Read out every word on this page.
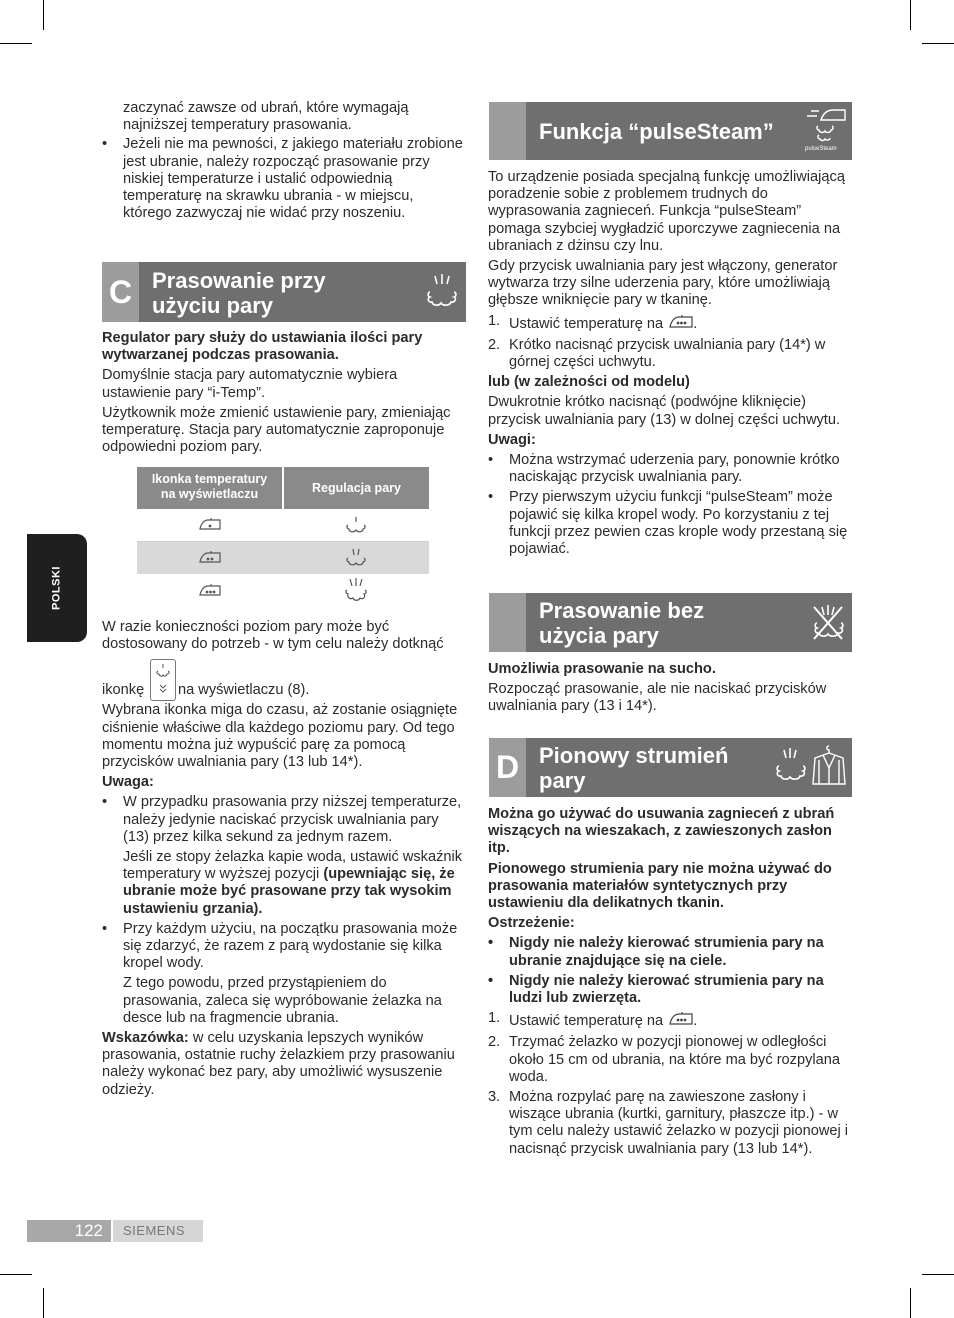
POLSKI

zaczynać zawsze od ubrań, które wymagają najniższej temperatury prasowania.

• Jeżeli nie ma pewności, z jakiego materiału zrobione jest ubranie, należy rozpocząć prasowanie przy niskiej temperaturze i ustalić odpowiednią temperaturę na skrawku ubrania - w miejscu, którego zazwyczaj nie widać przy noszeniu.
C Prasowanie przy
użyciu pary

Regulator pary służy do ustawiania ilości pary wytwarzanej podczas prasowania.

Domyślnie stacja pary automatycznie wybiera ustawienie pary “i-Temp”.

Użytkownik może zmienić ustawienie pary, zmieniając temperaturę. Stacja pary automatycznie zaproponuje odpowiedni poziom pary.

Ikonka temperatury
na wyświetlaczu	Regulacja pary

W razie konieczności poziom pary może być dostosowany do potrzeb - w tym celu należy dotknąć

ikonkę na wyświetlaczu (8).

Wybrana ikonka miga do czasu, aż zostanie osiągnięte ciśnienie właściwe dla każdego poziomu pary. Od tego momentu można już wypuścić parę za pomocą przycisków uwalniania pary (13 lub 14*).

Uwaga:

• W przypadku prasowania przy niższej temperaturze, należy jedynie naciskać przycisk uwalniania pary (13) przez kilka sekund za jednym razem.

Jeśli ze stopy żelazka kapie woda, ustawić wskaźnik temperatury w wyższej pozycji (upewniając się, że ubranie może być prasowane przy tak wysokim ustawieniu grzania).

• Przy każdym użyciu, na początku prasowania może się zdarzyć, że razem z parą wydostanie się kilka kropel wody.

Z tego powodu, przed przystąpieniem do prasowania, zaleca się wypróbowanie żelazka na desce lub na fragmencie ubrania.

Wskazówka: w celu uzyskania lepszych wyników prasowania, ostatnie ruchy żelazkiem przy prasowaniu należy wykonać bez pary, aby umożliwić wysuszenie odzieży.

Funkcja “pulseSteam”
pulseSteam

To urządzenie posiada specjalną funkcję umożliwiającą poradzenie sobie z problemem trudnych do wyprasowania zagnieceń. Funkcja “pulseSteam” pomaga szybciej wygładzić uporczywe zagniecenia na ubraniach z dżinsu czy lnu.

Gdy przycisk uwalniania pary jest włączony, generator wytwarza trzy silne uderzenia pary, które umożliwiają głębsze wniknięcie pary w tkaninę.

1. Ustawić temperaturę na .
2. Krótko nacisnąć przycisk uwalniania pary (14*) w górnej części uchwytu.

lub (w zależności od modelu)

Dwukrotnie krótko nacisnąć (podwójne kliknięcie) przycisk uwalniania pary (13) w dolnej części uchwytu.

Uwagi:

• Można wstrzymać uderzenia pary, ponownie krótko naciskając przycisk uwalniania pary.
• Przy pierwszym użyciu funkcji “pulseSteam” może pojawić się kilka kropel wody. Po korzystaniu z tej funkcji przez pewien czas krople wody przestaną się pojawiać.
Prasowanie bez
użycia pary

Umożliwia prasowanie na sucho.

Rozpocząć prasowanie, ale nie naciskać przycisków uwalniania pary (13 i 14*).

D Pionowy strumień
pary

Można go używać do usuwania zagnieceń z ubrań wiszących na wieszakach, z zawieszonych zasłon itp.

Pionowego strumienia pary nie można używać do prasowania materiałów syntetycznych przy ustawieniu dla delikatnych tkanin.

Ostrzeżenie:

• Nigdy nie należy kierować strumienia pary na ubranie znajdujące się na ciele.
• Nigdy nie należy kierować strumienia pary na ludzi lub zwierzęta.
1. Ustawić temperaturę na .
2. Trzymać żelazko w pozycji pionowej w odległości około 15 cm od ubrania, na które ma być rozpylana woda.
3. Można rozpylać parę na zawieszone zasłony i wiszące ubrania (kurtki, garnitury, płaszcze itp.) - w tym celu należy ustawić żelazko w pozycji pionowej i nacisnąć przycisk uwalniania pary (13 lub 14*).
122	SIEMENS
